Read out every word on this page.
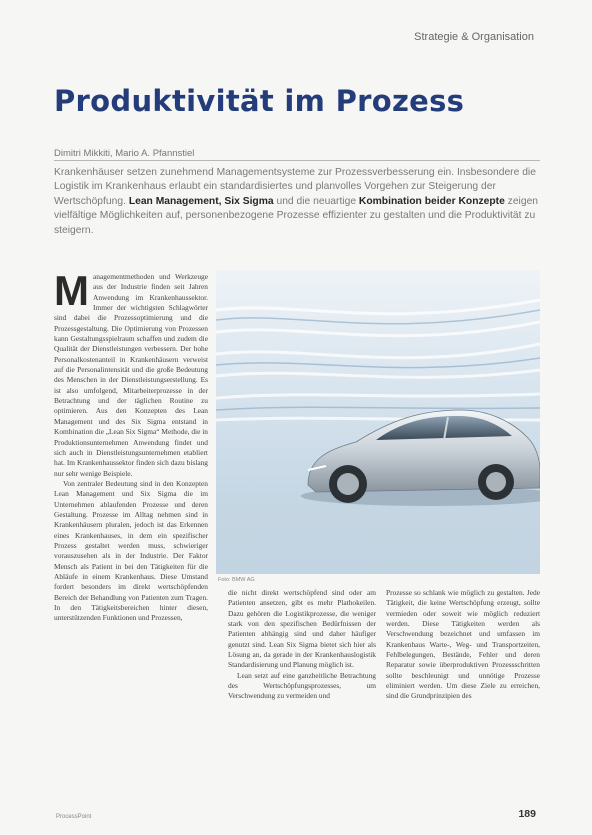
Strategie & Organisation
Produktivität im Prozess
Dimitri Mikkiti, Mario A. Pfannstiel
Krankenhäuser setzen zunehmend Managementsysteme zur Prozessverbesserung ein. Insbesondere die Logistik im Krankenhaus erlaubt ein standardisiertes und planvolles Vorgehen zur Steigerung der Wertschöpfung. Lean Management, Six Sigma und die neuartige Kombination beider Konzepte zeigen vielfältige Möglichkeiten auf, personenbezogene Prozesse effizienter zu gestalten und die Produktivität zu steigern.

Managementmethoden und Werkzeuge aus der Industrie finden seit Jahren Anwendung im Krankenhaussektor. Immer der wichtigsten Schlagwörter sind dabei die Prozessoptimierung und die Prozessgestaltung. Die Optimierung von Prozessen kann Gestaltungsspielraum schaffen und zudem die Qualität der Dienstleistungen verbessern. Der hohe Personalkostenanteil in Krankenhäusern verweist auf die Personalintensität und die große Bedeutung des Menschen in der Dienstleistungserstellung. Es ist also umfolgend, Mitarbeiterprozesse in der Betrachtung und der täglichen Routine zu optimieren. Aus den Konzepten des Lean Management und des Six Sigma entstand in Kombination die „Lean Six Sigma“ Methode, die in Produktionsunternehmen Anwendung findet und sich auch in Dienstleistungsunternehmen etabliert hat. Im Krankenhaussektor finden sich dazu bislang nur sehr wenige Beispiele.

Von zentraler Bedeutung sind in den Konzepten Lean Management und Six Sigma die im Unternehmen ablaufenden Prozesse und deren Gestaltung. Prozesse im Alltag nehmen sind in Krankenhäusern pluralen, jedoch ist das Erkennen eines Krankenhauses, in dem ein spezifischer Prozess gestaltet werden muss, schwieriger vorauszusehen als in der Industrie. Der Faktor Mensch als Patient in bei den Tätigkeiten für die Abläufe in einem Krankenhaus. Diese Umstand fordert besonders im direkt wertschöpfenden Bereich der Behandlung von Patienten zum Tragen. In den Tätigkeitsbereichen hinter diesen, unterstützenden Funktionen und Prozessen,

Foto: BMW AG

die nicht direkt wertschöpfend sind oder am Patienten ansetzen, gibt es mehr Plathokeilen. Dazu gehören die Logistikprozesse, die weniger stark von den spezifischen Bedürfnissen der Patienten abhängig sind und daher häufiger genutzt sind. Lean Six Sigma bietet sich hier als Lösung an, da gerade in der Krankenhauslogistik Standardisierung und Planung möglich ist.

Lean setzt auf eine ganzheitliche Betrachtung des Wertschöpfungsprozesses, um Verschwendung zu vermeiden und

Prozesse so schlank wie möglich zu gestalten. Jede Tätigkeit, die keine Wertschöpfung erzeugt, sollte vermieden oder soweit wie möglich reduziert werden. Diese Tätigkeiten werden als Verschwendung bezeichnet und umfassen im Krankenhaus Warte-, Weg- und Transportzeiten, Fehlbelegungen, Bestände, Fehler und deren Reparatur sowie überproduktiven Prozessschritten sollte beschleunigt und unnötige Prozesse eliminiert werden. Um diese Ziele zu erreichen, sind die Grundprinzipien des

ProcessPoint	189
